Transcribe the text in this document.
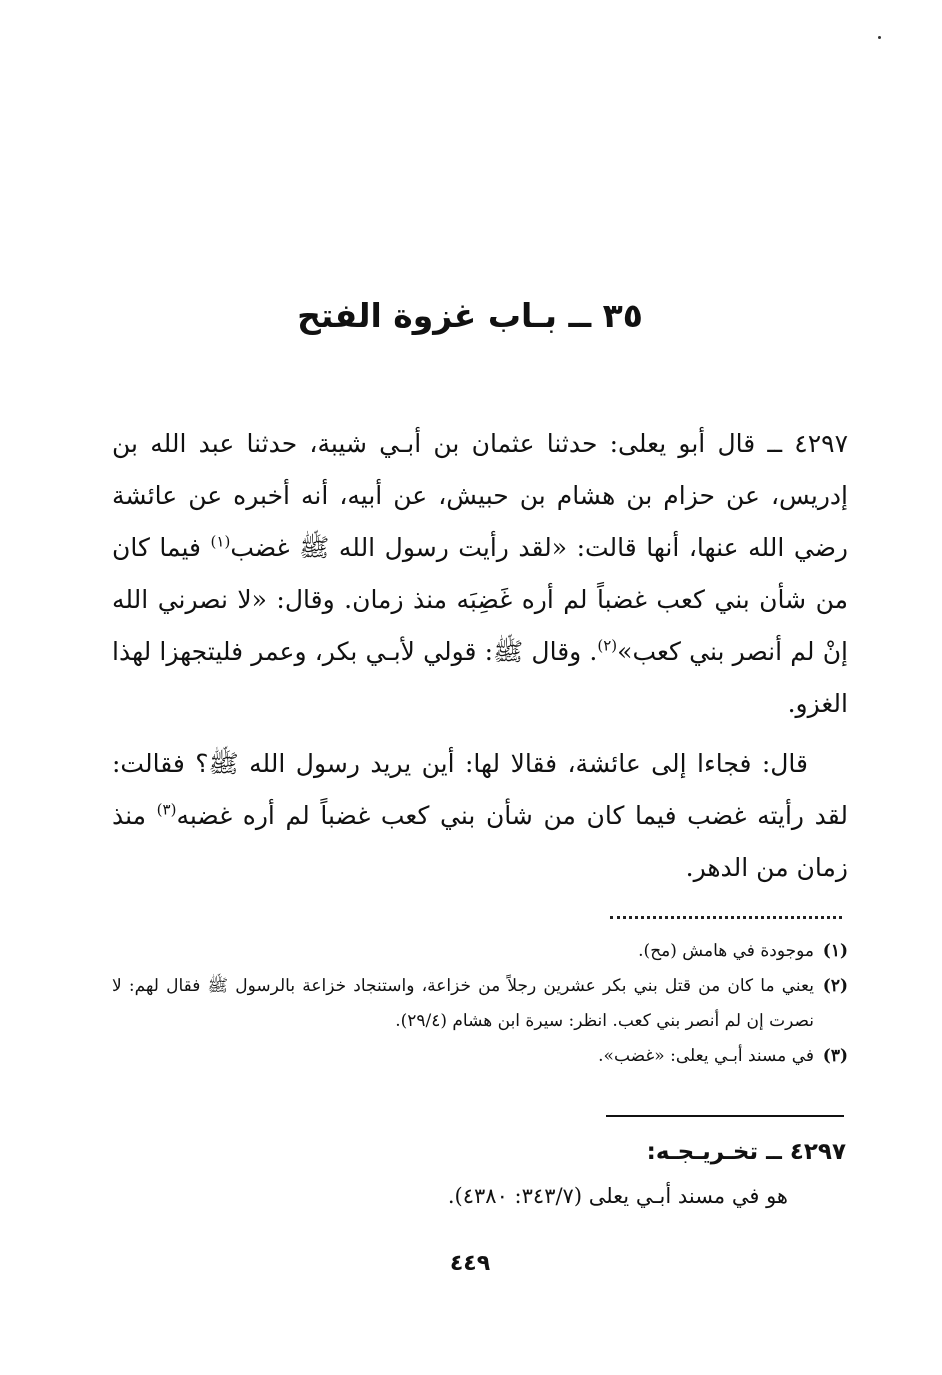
٣٥ ــ بـاب غزوة الفتح

٤٢٩٧ ــ قال أبو يعلى: حدثنا عثمان بن أبـي شيبة، حدثنا عبد الله بن إدريس، عن حزام بن هشام بن حبيش، عن أبيه، أنه أخبره عن عائشة رضي الله عنها، أنها قالت: «لقد رأيت رسول الله ﷺ غضب$^{(١)}$ فيما كان من شأن بني كعب غضباً لم أره غَضِبَه منذ زمان. وقال: «لا نصرني الله إنْ لم أنصر بني كعب»$^{(٢)}$. وقال ﷺ: قولي لأبـي بكر، وعمر فليتجهزا لهذا الغزو.

قال: فجاءا إلى عائشة، فقالا لها: أين يريد رسول الله ﷺ؟ فقالت: لقد رأيته غضب فيما كان من شأن بني كعب غضباً لم أره غضبه$^{(٣)}$ منذ زمان من الدهر.

(١)
موجودة في هامش (مح).
(٢)
يعني ما كان من قتل بني بكر عشرين رجلاً من خزاعة، واستنجاد خزاعة بالرسول ﷺ فقال لهم: لا نصرت إن لم أنصر بني كعب. انظر: سيرة ابن هشام (٢٩/٤).
(٣)
في مسند أبـي يعلى: «غضب».
٤٢٩٧ ــ تخـريـجـه:
هو في مسند أبـي يعلى (٣٤٣/٧: ٤٣٨٠).
٤٤٩
